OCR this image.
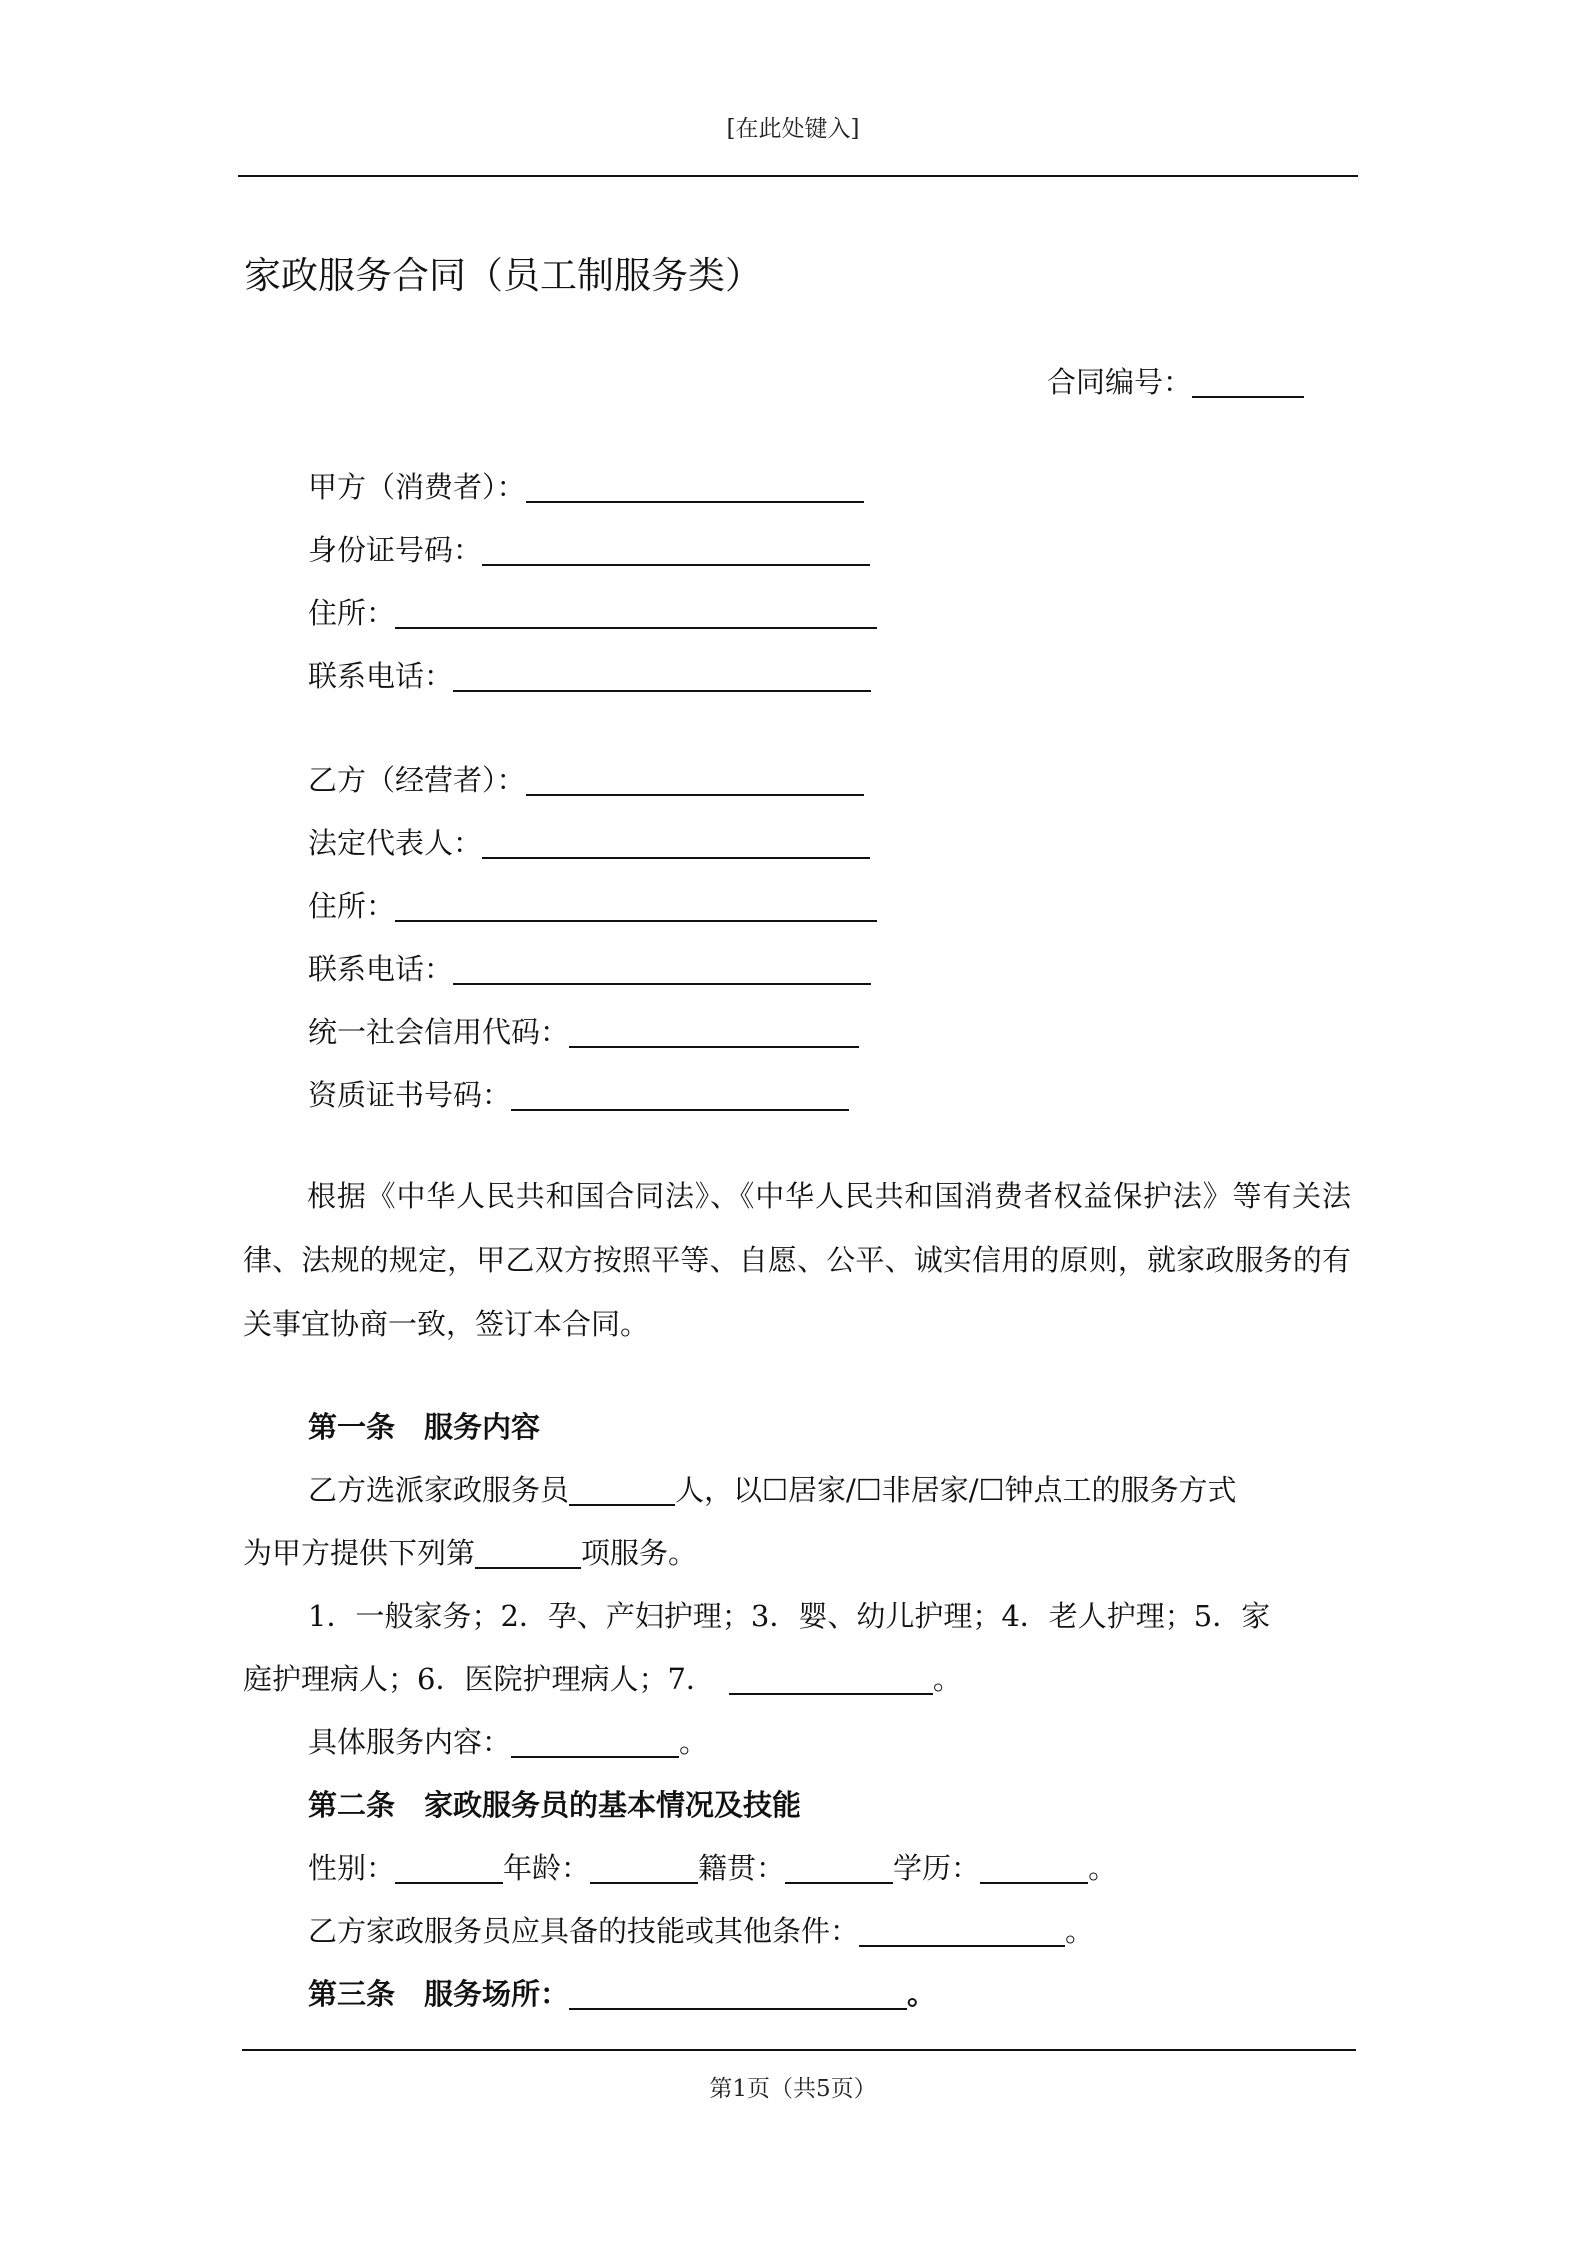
[在此处键入]
家政服务合同（员工制服务类）
合同编号：
甲方（消费者）：
身份证号码：
住所：
联系电话：
乙方（经营者）：
法定代表人：
住所：
联系电话：
统一社会信用代码：
资质证书号码：
根据《中华人民共和国合同法》、《中华人民共和国消费者权益保护法》等有关法律、法规的规定，甲乙双方按照平等、自愿、公平、诚实信用的原则，就家政服务的有关事宜协商一致，签订本合同。
第一条　服务内容
乙方选派家政服务员	人，以☐居家/☐非居家/☐钟点工的服务方式
为甲方提供下列第	项服务。
1．一般家务；2．孕、产妇护理；3．婴、幼儿护理；4．老人护理；5．家
庭护理病人；6．医院护理病人；7．	。
具体服务内容：	。
第二条　家政服务员的基本情况及技能
性别：	年龄：	籍贯：	学历：	。
乙方家政服务员应具备的技能或其他条件：	。
第三条　服务场所：	。
第1页（共5页）
